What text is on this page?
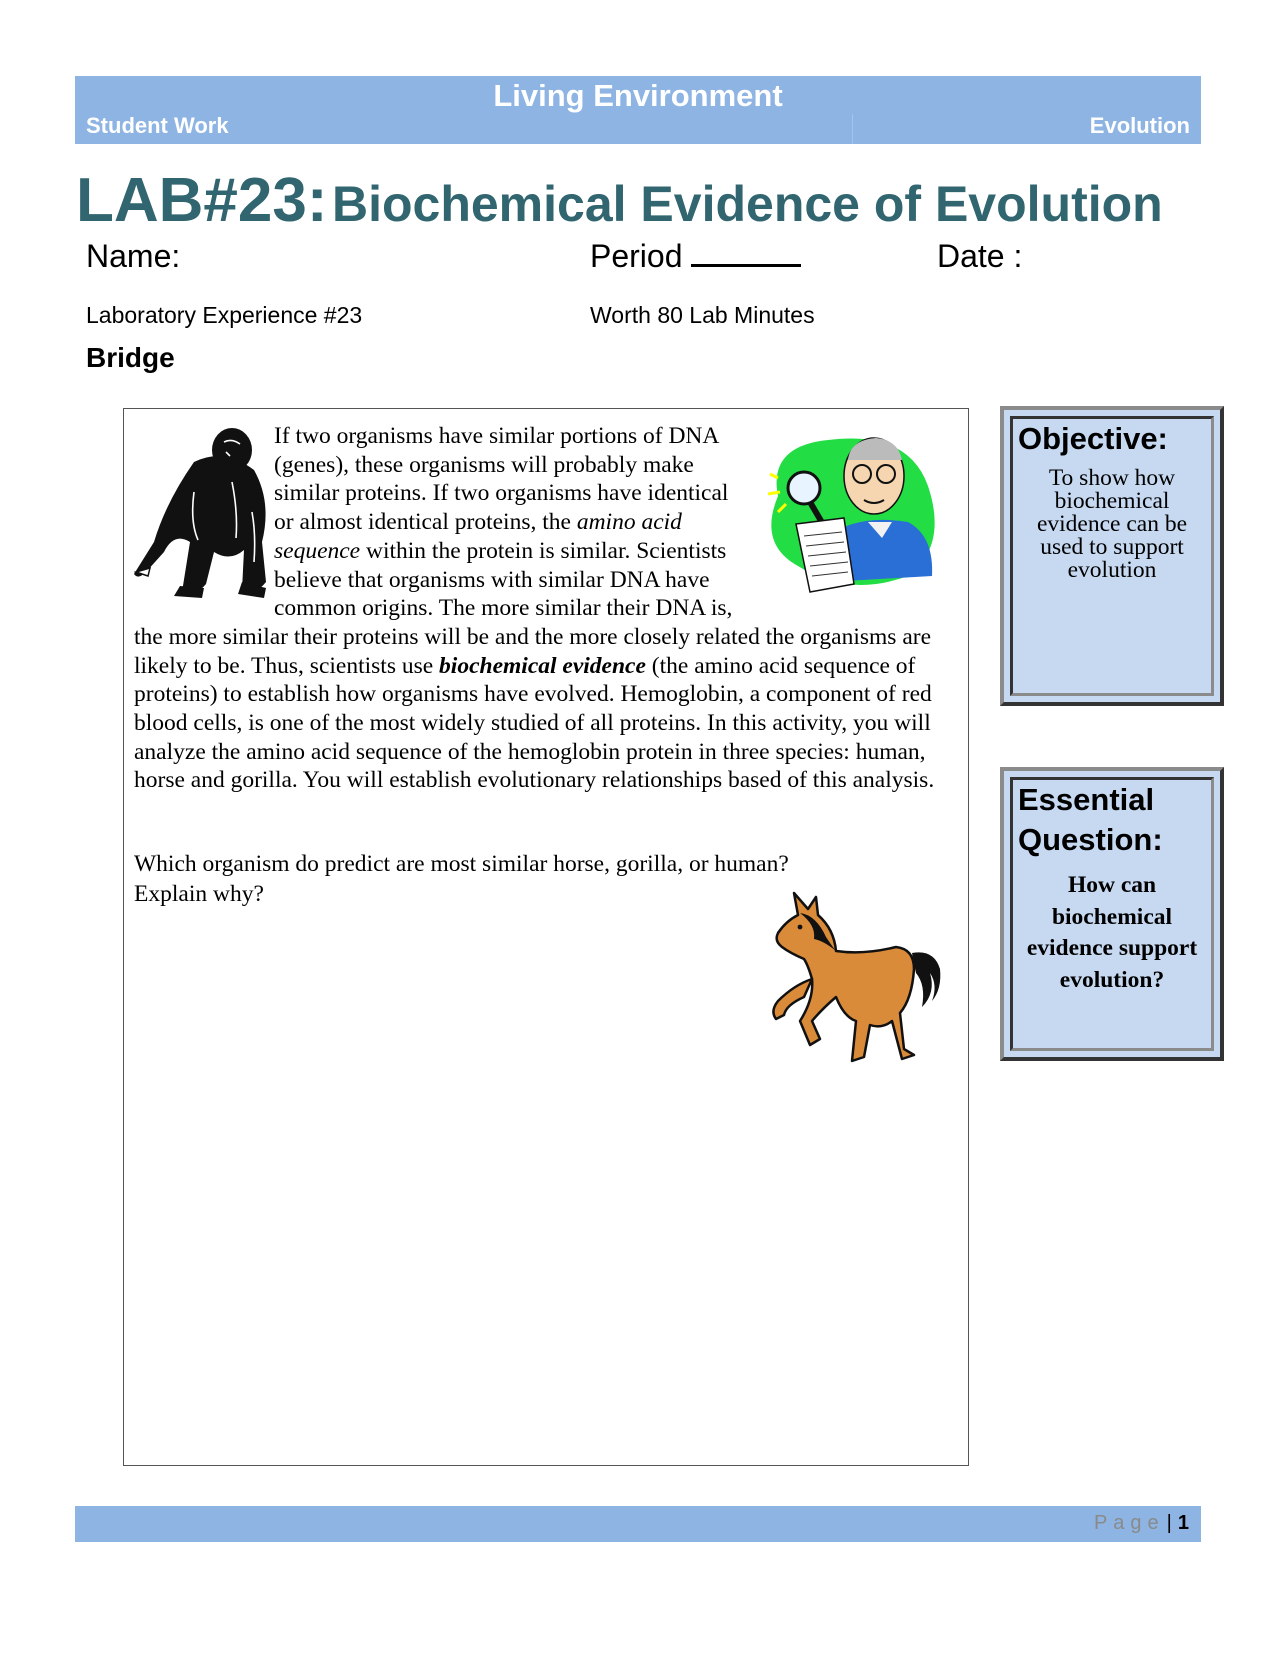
Living Environment
Student Work	Evolution
LAB#23: Biochemical Evidence of Evolution
Name:	Period	Date :
Laboratory Experience #23	Worth 80 Lab Minutes
Bridge

If two organisms have similar portions of DNA (genes), these organisms will probably make similar proteins. If two organisms have identical or almost identical proteins, the amino acid sequence within the protein is similar. Scientists believe that organisms with similar DNA have common origins. The more similar their DNA is, the more similar their proteins will be and the more closely related the organisms are likely to be. Thus, scientists use biochemical evidence (the amino acid sequence of proteins) to establish how organisms have evolved. Hemoglobin, a component of red blood cells, is one of the most widely studied of all proteins. In this activity, you will analyze the amino acid sequence of the hemoglobin protein in three species: human, horse and gorilla. You will establish evolutionary relationships based of this analysis.

Which organism do predict are most similar horse, gorilla, or human?
Explain why?
Objective:
To show how biochemical evidence can be used to support evolution
Essential
Question:
How can biochemical evidence support evolution?
Page | 1
